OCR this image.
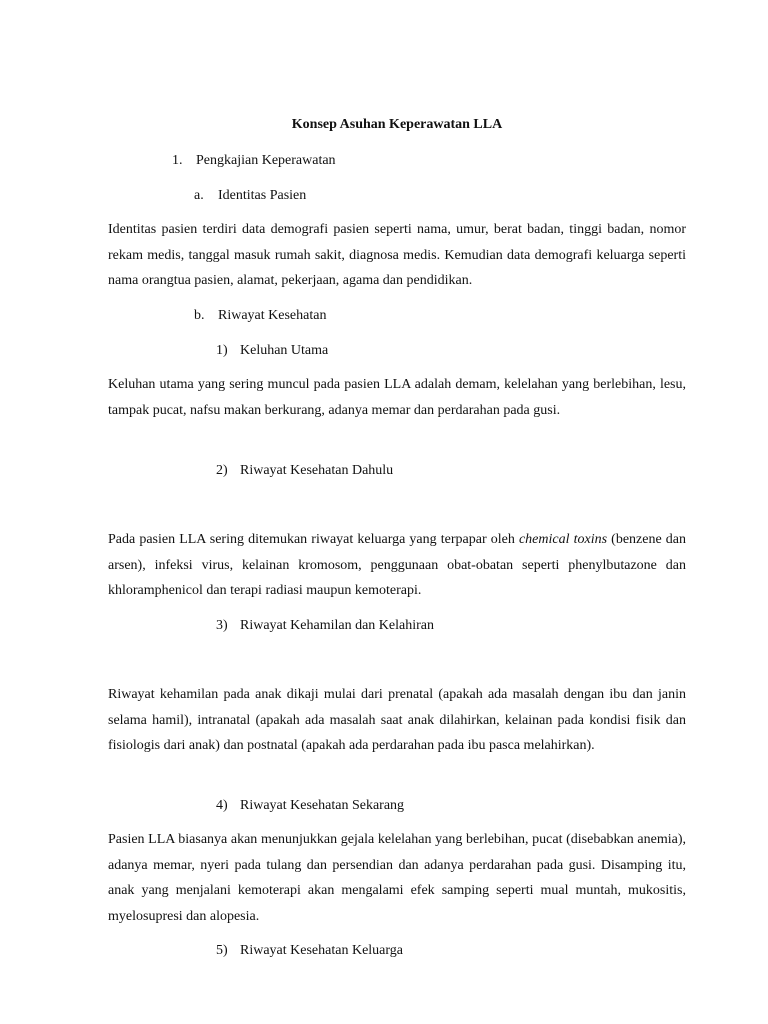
Konsep Asuhan Keperawatan LLA
1. Pengkajian Keperawatan
a. Identitas Pasien
Identitas pasien terdiri data demografi pasien seperti nama, umur, berat badan, tinggi badan, nomor rekam medis, tanggal masuk rumah sakit, diagnosa medis. Kemudian data demografi keluarga seperti nama orangtua pasien, alamat, pekerjaan, agama dan pendidikan.
b. Riwayat Kesehatan
1) Keluhan Utama
Keluhan utama yang sering muncul pada pasien LLA adalah demam, kelelahan yang berlebihan, lesu, tampak pucat, nafsu makan berkurang, adanya memar dan perdarahan pada gusi.
2) Riwayat Kesehatan Dahulu
Pada pasien LLA sering ditemukan riwayat keluarga yang terpapar oleh chemical toxins (benzene dan arsen), infeksi virus, kelainan kromosom, penggunaan obat-obatan seperti phenylbutazone dan khloramphenicol dan terapi radiasi maupun kemoterapi.
3) Riwayat Kehamilan dan Kelahiran
Riwayat kehamilan pada anak dikaji mulai dari prenatal (apakah ada masalah dengan ibu dan janin selama hamil), intranatal (apakah ada masalah saat anak dilahirkan, kelainan pada kondisi fisik dan fisiologis dari anak) dan postnatal (apakah ada perdarahan pada ibu pasca melahirkan).
4) Riwayat Kesehatan Sekarang
Pasien LLA biasanya akan menunjukkan gejala kelelahan yang berlebihan, pucat (disebabkan anemia), adanya memar, nyeri pada tulang dan persendian dan adanya perdarahan pada gusi. Disamping itu, anak yang menjalani kemoterapi akan mengalami efek samping seperti mual muntah, mukositis, myelosupresi dan alopesia.
5) Riwayat Kesehatan Keluarga
